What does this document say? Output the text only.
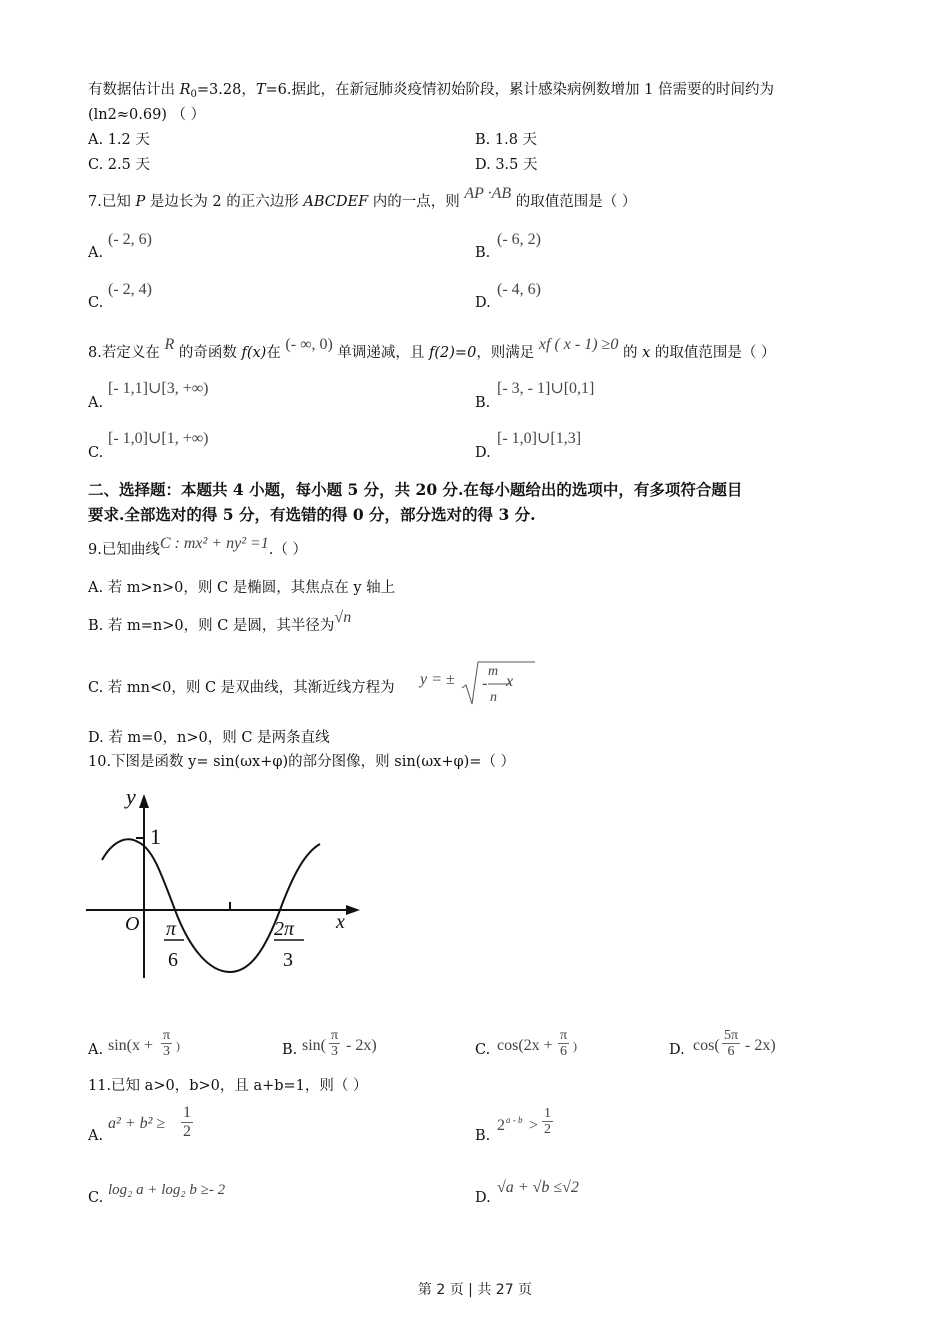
有数据估计出 $R_0=3.28$，T=6.据此，在新冠肺炎疫情初始阶段，累计感染病例数增加 1 倍需要的时间约为
(ln2≈0.69) （ ）
A. 1.2 天	B. 1.8 天
C. 2.5 天	D. 3.5 天
7.已知 P 是边长为 2 的正六边形 ABCDEF 内的一点，则 AP ·AB 的取值范围是（ ）
A.
(- 2, 6)
B.
(- 6, 2)
C.
(- 2, 4)
D.
(- 4, 6)
8.若定义在 R 的奇函数 f(x)在 (- ∞, 0) 单调递减，且 f(2)=0，则满足 xf ( x - 1) ≥0 的 x 的取值范围是（ ）
A.
[- 1,1]∪[3, +∞)
B.
[- 3, - 1]∪[0,1]
C.
[- 1,0]∪[1, +∞)
D.
[- 1,0]∪[1,3]
二、选择题：本题共 4 小题，每小题 5 分，共 20 分.在每小题给出的选项中，有多项符合题目
要求.全部选对的得 5 分，有选错的得 0 分，部分选对的得 3 分.
9.已知曲线C : mx² + ny² =1.（ ）
A. 若 m>n>0，则 C 是椭圆，其焦点在 y 轴上
B. 若 m=n>0，则 C 是圆，其半径为√n
C. 若 mn<0，则 C 是双曲线，其渐近线方程为 y = ± -
m
n
x
D. 若 m=0，n>0，则 C 是两条直线
10.下图是函数 y= sin(ωx+φ)的部分图像，则 sin(ωx+φ)=（ ）
y
x
O
1
π
6
2π
3
A. $\sin(x + \frac{\pi}{3}$ )	B. $\sin( \frac{\pi}{3} - 2x)$	C. $\cos(2x + \frac{\pi}{6}$ )	D. $\cos( \frac{5\pi}{6} - 2x)$
11.已知 a>0，b>0，且 a+b=1，则（ ）
A.
$a^2 + b^2 \ge \frac{1}{2}$	B.
2 $a - b > \frac{1}{2}$
C. log₂ a + log₂ b ≥- 2	D.
√a + √b ≤√2
第 2 页 | 共 27 页
